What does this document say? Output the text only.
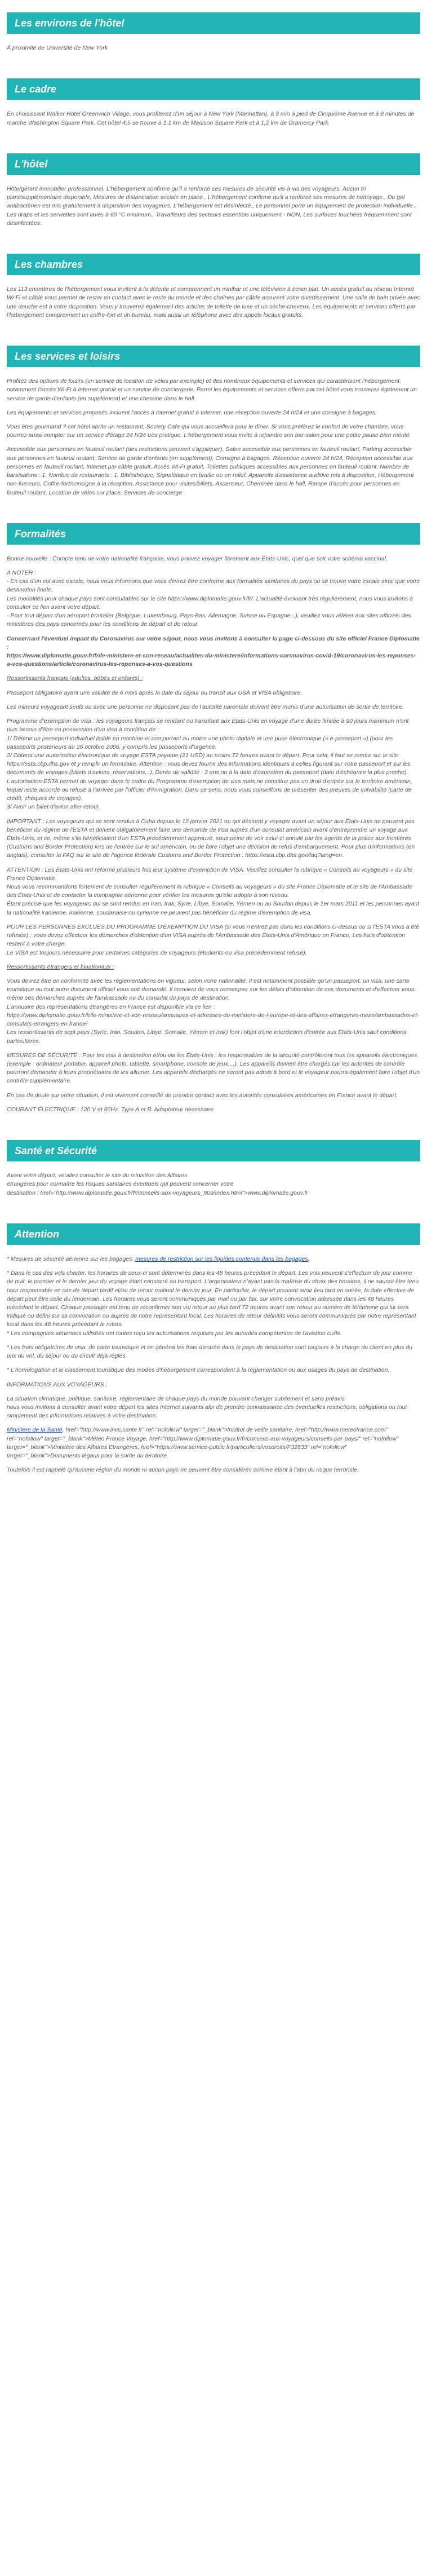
Les environs de l'hôtel

À proximité de Université de New York

Le cadre

En choisissant Walker Hotel Greenwich Village, vous profiterez d'un séjour à New York (Manhattan), à 3 min à pied de Cinquième Avenue et à 8 minutes de marche Washington Square Park. Cet hôtel 4,5 se trouve à 1,1 km de Madison Square Park et à 1,2 km de Gramercy Park.

L'hôtel

Hôte/gérant immobilier professionnel. L'hébergement confirme qu'il a renforcé ses mesures de sécurité vis-à-vis des voyageurs. Aucun tri plant/supplémentaire disponible, Mesures de distanciation sociale en place., L'hébergement confirme qu'il a renforcé ses mesures de nettoyage., Du gel antibactérien est mis gratuitement à disposition des voyageurs, L'hébergement est désinfecté., Le personnel porte un équipement de protection individuelle., Les draps et les serviettes sont lavés à 60 °C minimum., Travailleurs des secteurs essentiels uniquement - NON, Les surfaces touchées fréquemment sont désinfectées.

Les chambres

Les 113 chambres de l'hébergement vous invitent à la détente et comprennent un minibar et une télévision à écran plat. Un accès gratuit au réseau Internet Wi-Fi et câblé vous permet de rester en contact avec le reste du monde et des chaînes par câble assurent votre divertissement. Une salle de bain privée avec une douche est à votre disposition. Vous y trouverez également des articles de toilette de luxe et un sèche-cheveux. Les équipements et services offerts par l'hébergement comprennent un coffre-fort et un bureau, mais aussi un téléphone avec des appels locaux gratuits.

Les services et loisirs

Profitez des options de loisirs (un service de location de vélos par exemple) et des nombreux équipements et services qui caractérisent l'hébergement, notamment l'accès Wi-Fi à Internet gratuit et un service de conciergerie. Parmi les équipements et services offerts par cet hôtel vous trouverez également un service de garde d'enfants (en supplément) et une chemine dans le hall.

Les équipements et services proposés incluent l'accès à Internet gratuit à Internet, une réception ouverte 24 h/24 et une consigne à bagages.

Vous êtes gourmand ? cet hôtel abrite un restaurant, Society Cafe qui vous accueillera pour le dîner. Si vous préférez le confort de votre chambre, vous pourrez aussi compter sur un service d'étage 24 h/24 très pratique. L'hébergement vous invite à rejoindre son bar-salon pour une petite pause bien mérité.

Accessible aux personnes en fauteuil roulant (des restrictions peuvent s'appliquer), Salon accessible aux personnes en fauteuil roulant, Parking accessible aux personnes en fauteuil roulant, Service de garde d'enfants (en supplément), Consigne à bagages, Réception ouverte 24 h/24, Réception accessible aux personnes en fauteuil roulant, Internet par câble gratuit, Accès Wi-Fi gratuit, Toilettes publiques accessibles aux personnes en fauteuil roulant, Nombre de bars/salons : 1, Nombre de restaurants : 1, Bibliothèque, Signalétique en braille ou en relief, Appareils d'assistance auditive mis à disposition, Hébergement non-fumeurs, Coffre-fort/consigne à la réception, Assistance pour visites/billets, Ascenseur, Cheminée dans le hall, Rampe d'accès pour personnes en fauteuil roulant, Location de vélos sur place, Services de concierge

Formalités

Bonne nouvelle : Compte tenu de votre nationalité française, vous pouvez voyager librement aux États-Unis, quel que soit votre schéma vaccinal.

A NOTER :
- En cas d'un vol avec escale, nous vous informons que vous devrez être conforme aux formalités sanitaires du pays où se trouve votre escale ainsi que votre destination finale.
Les modalités pour chaque pays sont consultables sur le site https://www.diplomatie.gouv.fr/fr/. L'actualité évoluant très régulièrement, nous vous invitons à consulter ce lien avant votre départ.
- Pour tout départ d'un aéroport frontalier (Belgique, Luxembourg, Pays-Bas, Allemagne, Suisse ou Espagne...), veuillez vous référer aux sites officiels des ministères des pays concernés pour les conditions de départ et de retour.

Concernant l'éventuel impact du Coronavirus sur votre séjour, nous vous invitons à consulter la page ci-dessous du site officiel France Diplomatie :
https://www.diplomatie.gouv.fr/fr/le-ministere-et-son-reseau/actualites-du-ministere/informations-coronavirus-covid-19/coronavirus-les-reponses-a-vos-questions/article/coronavirus-les-reponses-a-vos-questions

Ressortissants français (adultes, bébés et enfants) :

Passeport obligatoire ayant une validité de 6 mois après la date du séjour ou transit aux USA et VISA obligatoire.

Les mineurs voyageant seuls ou avec une personne ne disposant pas de l'autorité parentale doivent être munis d'une autorisation de sortie de territoire.

Programme d'exemption de visa : les voyageurs français se rendant ou transitant aux États-Unis en voyage d'une durée limitée à 90 jours maximum n'ont plus besoin d'être en possession d'un visa à condition de :
1/ Détenir un passeport individuel lisible en machine et comportant au moins une photo digitale et une puce électronique (« e-passeport ») (pour les passeports postérieurs au 26 octobre 2006, y compris les passeports d'urgence.
2/ Obtenir une autorisation électronique de voyage ESTA payante (21 USD) au moins 72 heures avant le départ. Pour cela, il faut se rendre sur le site https://esta.cbp.dhs.gov et y remplir un formulaire. Attention : vous devez fournir des informations identiques à celles figurant sur votre passeport et sur les documents de voyages (billets d'avions, réservations...). Durée de validité : 2 ans ou à la date d'expiration du passeport (date d'échéance la plus proche). L'autorisation ESTA permet de voyager dans le cadre du Programme d'exemption de visa mais ne constitue pas un droit d'entrée sur le territoire américain, lequel reste accordé ou refusé à l'arrivée par l'officier d'immigration. Dans ce sens, nous vous conseillons de présenter des preuves de solvabilité (carte de crédit, chèques de voyages).
3/ Avoir un billet d'avion aller-retour.

IMPORTANT : Les voyageurs qui se sont rendus à Cuba depuis le 12 janvier 2021 ou qui désirent y voyager avant un séjour aux États-Unis ne peuvent pas bénéficier du régime de l'ESTA et doivent obligatoirement faire une demande de visa auprès d'un consulat américain avant d'entreprendre un voyage aux États-Unis, et ce, même s'ils bénéficiaient d'un ESTA précédemment approuvé, sous peine de voir celui-ci annulé par les agents de la police aux frontières (Customs and Border Protection) lors de l'entrée sur le sol américain, ou de faire l'objet une décision de refus d'embarquement. Pour plus d'informations (en anglais), consulter la FAQ sur le site de l'agence fédérale Customs and Border Protection : https://esta.cbp.dhs.gov/faq?lang=en.

ATTENTION : Les États-Unis ont réformé plusieurs fois leur système d'exemption de VISA. Veuillez consulter la rubrique « Conseils au voyageurs » du site France Diplomatie.
Nous vous recommandons fortement de consulter régulièrement la rubrique « Conseils au voyageurs » du site France Diplomatie et le site de l'Ambassade des États-Unis et de contacter la compagnie aérienne pour vérifier les mesures qu'elle adopte à son niveau.
Étant précisé que les voyageurs qui se sont rendus en Iran, Irak, Syrie, Libye, Somalie, Yémen ou au Soudan depuis le 1er mars 2011 et les personnes ayant la nationalité iranienne, irakienne, soudanaise ou syrienne ne peuvent pas bénéficier du régime d'exemption de visa.

POUR LES PERSONNES EXCLUES DU PROGRAMME D'EXEMPTION DU VISA (si vous n'entrez pas dans les conditions ci-dessus ou si l'ESTA vous a été refusée) : vous devez effectuer les démarches d'obtention d'un VISA auprès de l'Ambassade des États-Unis d'Amérique en France. Les frais d'obtention restent à votre charge.
Le VISA est toujours nécessaire pour certaines catégories de voyageurs (étudiants ou visa précédemment refusé).

Ressortissants étrangers et binationaux :

Vous devrez être en conformité avec les réglementations en vigueur, selon votre nationalité. Il est notamment possible qu'un passeport, un visa, une carte touristique ou tout autre document officiel vous soit demandé. Il convient de vous renseigner sur les délais d'obtention de ces documents et d'effectuer vous-même ses démarches auprès de l'ambassade ou du consulat du pays de destination.
L'annuaire des représentations étrangères en France est disponible via ce lien :
https://www.diplomatie.gouv.fr/fr/le-ministere-et-son-reseau/annuaires-et-adresses-du-ministere-de-l-europe-et-des-affaires-etrangeres-meae/ambassades-et-consulats-etrangers-en-france/
Les ressortissants de sept pays (Syrie, Iran, Soudan, Libye, Somalie, Yémen et Irak) font l'objet d'une interdiction d'entrée aux États-Unis sauf conditions particulières.

MESURES DE SÉCURITÉ : Pour les vols à destination et/ou via les États-Unis : les responsables de la sécurité contrôleront tous les appareils électroniques (exemple : ordinateur portable, appareil photo, tablette, smartphone, console de jeux....). Les appareils doivent être chargés car les autorités de contrôle pourront demander à leurs propriétaires de les allumer. Les appareils déchargés ne seront pas admis à bord et le voyageur pourra également faire l'objet d'un contrôle supplémentaire.

En cas de doute sur votre situation, il est vivement conseillé de prendre contact avec les autorités consulaires américaines en France avant le départ.

COURANT ÉLECTRIQUE : 120 V et 60Hz. Type A et B. Adaptateur nécessaire.

Santé et Sécurité

Avant votre départ, veuillez consulter le site du ministère des Affaires
étrangères pour connaître les risques sanitaires éventuels qui peuvent concerner votre
destination : href="http://www.diplomatie.gouv.fr/fr/conseils-aux-voyageurs_909/index.html">www.diplomatie.gouv.fr

Attention

* Mesures de sécurité aérienne sur les bagages: mesures de restriction sur les liquides contenus dans les bagages.

* Dans le cas des vols charter, les horaires de ceux-ci sont déterminés dans les 48 heures précédant le départ. Les vols peuvent s'effectuer de jour comme de nuit, le premier et le dernier jour du voyage étant consacré au transport. L'organisateur n'ayant pas la maîtrise du choix des horaires, il ne saurait être tenu pour responsable en cas de départ tardif et/ou de retour matinal le dernier jour. En particulier, le départ pouvant avoir lieu tard en soirée, la date effective de départ peut être celle du lendemain. Les horaires vous seront communiqués par mail ou par fax, sur votre convocation adressée dans les 48 heures précédant le départ. Chaque passager est tenu de reconfirmer son vol retour au plus tard 72 heures avant son retour au numéro de téléphone qui lui sera indiqué ou défini sur sa convocation ou auprès de notre représentant local. Les horaires de retour définitifs vous seront communiqués par notre représentant local dans les 48 heures précédant le retour.
* Les compagnies aériennes utilisées ont toutes reçu les autorisations requises par les autorités compétentes de l'aviation civile.

* Les frais obligatoires de visa, de carte touristique et en général les frais d'entrée dans le pays de destination sont toujours à la charge du client en plus du prix du vol, du séjour ou du circuit déjà réglés.

* L'homologation et le classement touristique des modes d'hébergement correspondent à la réglementation ou aux usages du pays de destination.

INFORMATIONS AUX VOYAGEURS :

La situation climatique, politique, sanitaire, réglementaire de chaque pays du monde pouvant changer subitement et sans préavis
nous vous invitons à consulter avant votre départ les sites Internet suivants afin de prendre connaissance des éventuelles restrictions, obligations ou tout simplement des informations relatives à votre destination.

Ministère de la Santé, href="http://www.invs.sante.fr" rel="nofollow" target="_blank">Institut de veille sanitaire, href="http://www.meteofrance.com" rel="nofollow" target="_blank">Météo France Voyage, href="http://www.diplomatie.gouv.fr/fr/conseils-aux-voyageurs/conseils-par-pays/" rel="nofollow" target="_blank">Ministère des Affaires Étrangères, href="https://www.service-public.fr/particuliers/vosdroits/F32833" rel="nofollow" target="_blank">Documents légaux pour la sortie du territoire.

Toutefois il est rappelé qu'aucune région du monde ni aucun pays ne peuvent être considérés comme étant à l'abri du risque terroriste.
